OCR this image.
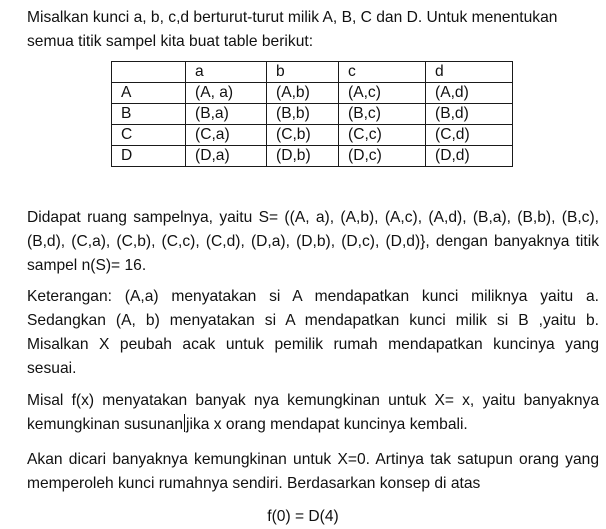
Misalkan kunci a, b, c,d berturut-turut milik A, B, C dan D. Untuk menentukan
semua titik sampel kita buat table berikut:

	a	b	c	d
A	(A, a)	(A,b)	(A,c)	(A,d)
B	(B,a)	(B,b)	(B,c)	(B,d)
C	(C,a)	(C,b)	(C,c)	(C,d)
D	(D,a)	(D,b)	(D,c)	(D,d)

Didapat ruang sampelnya, yaitu S= ((A, a), (A,b), (A,c), (A,d), (B,a), (B,b), (B,c),
(B,d), (C,a), (C,b), (C,c), (C,d), (D,a), (D,b), (D,c), (D,d)}, dengan banyaknya titik
sampel n(S)= 16.

Keterangan: (A,a) menyatakan si A mendapatkan kunci miliknya yaitu a.
Sedangkan (A, b) menyatakan si A mendapatkan kunci milik si B ,yaitu b.
Misalkan X peubah acak untuk pemilik rumah mendapatkan kuncinya yang
sesuai.

Misal f(x) menyatakan banyak nya kemungkinan untuk X= x, yaitu banyaknya
kemungkinan susunan jika x orang mendapat kuncinya kembali.

Akan dicari banyaknya kemungkinan untuk X=0. Artinya tak satupun orang yang
memperoleh kunci rumahnya sendiri. Berdasarkan konsep di atas

f(0) = D(4)
